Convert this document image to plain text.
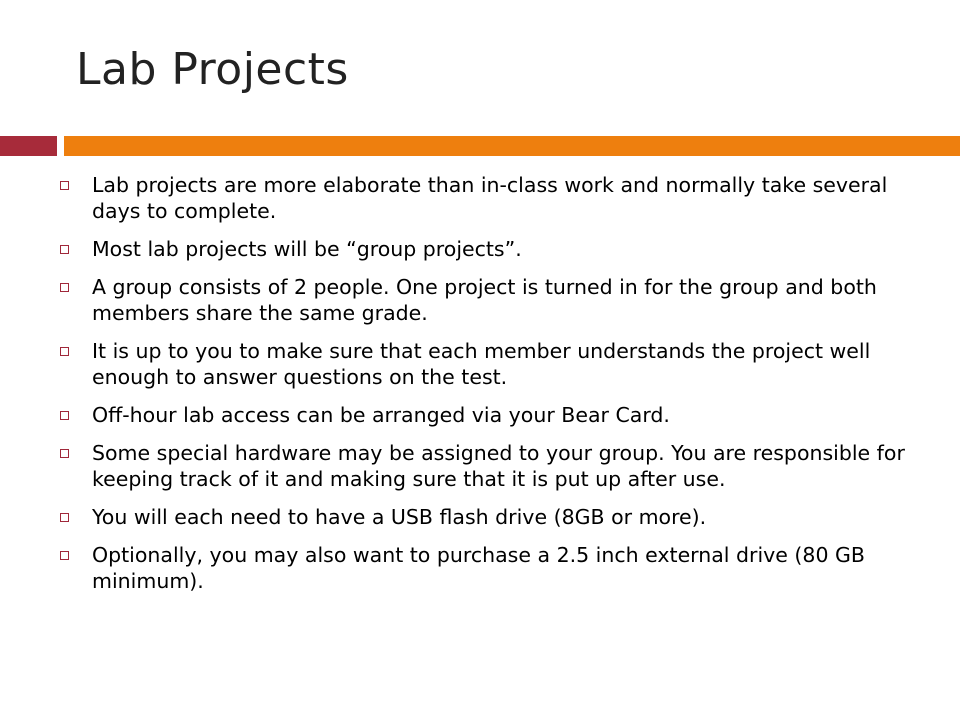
Lab Projects
Lab projects are more elaborate than in-class work and normally take several days to complete.
Most lab projects will be “group projects”.
A group consists of 2 people. One project is turned in for the group and both members share the same grade.
It is up to you to make sure that each member understands the project well enough to answer questions on the test.
Off-hour lab access can be arranged via your Bear Card.
Some special hardware may be assigned to your group. You are responsible for keeping track of it and making sure that it is put up after use.
You will each need to have a USB flash drive (8GB or more).
Optionally, you may also want to purchase a 2.5 inch external drive (80 GB minimum).
